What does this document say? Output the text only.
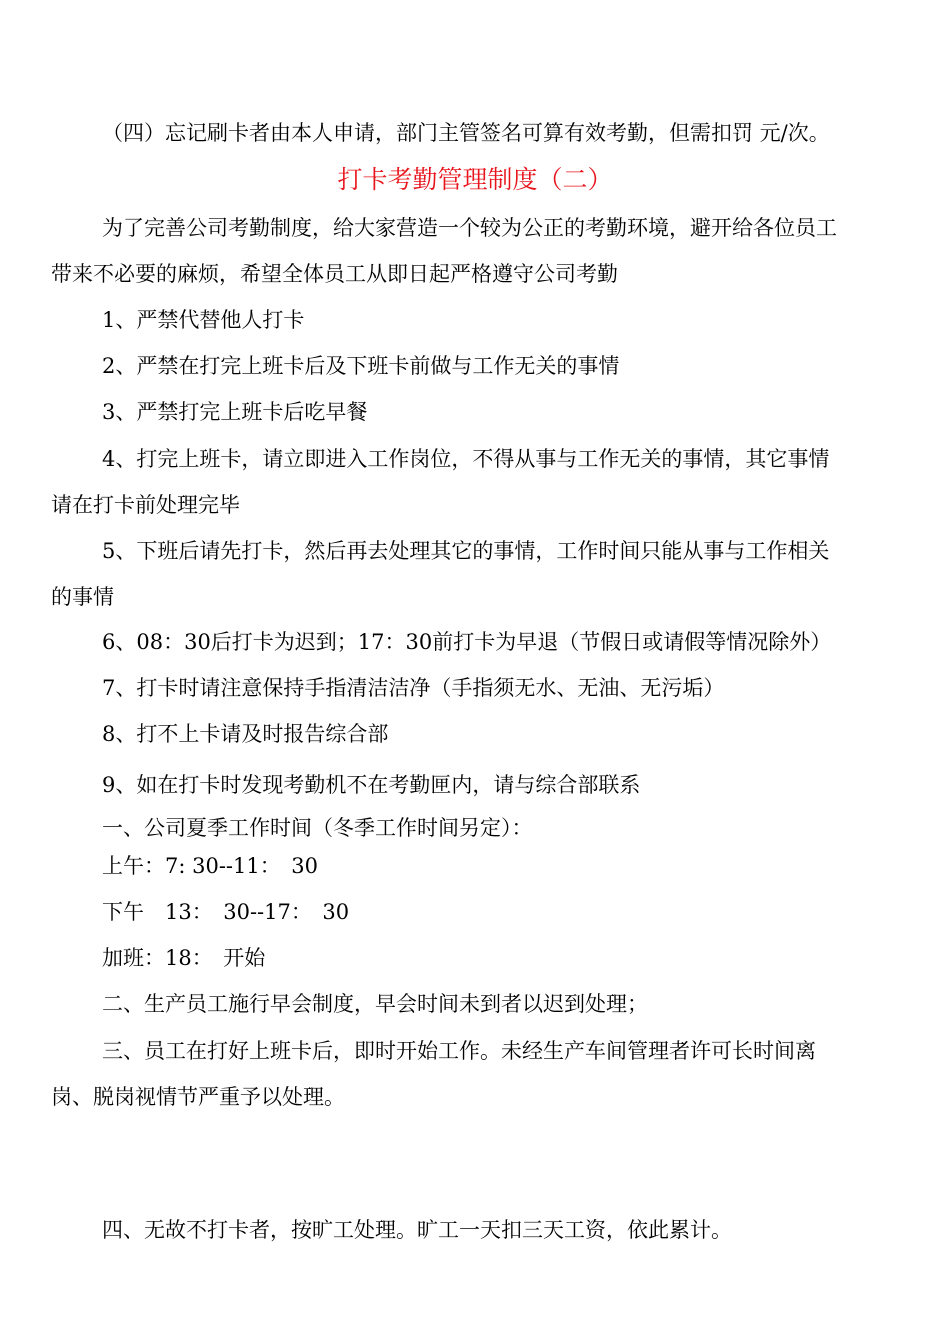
（四）忘记刷卡者由本人申请，部门主管签名可算有效考勤，但需扣罚 元/次。
打卡考勤管理制度（二）
为了完善公司考勤制度，给大家营造一个较为公正的考勤环境，避开给各位员工
带来不必要的麻烦，希望全体员工从即日起严格遵守公司考勤
1、严禁代替他人打卡
2、严禁在打完上班卡后及下班卡前做与工作无关的事情
3、严禁打完上班卡后吃早餐
4、打完上班卡，请立即进入工作岗位，不得从事与工作无关的事情，其它事情
请在打卡前处理完毕
5、下班后请先打卡，然后再去处理其它的事情，工作时间只能从事与工作相关
的事情
6、08：30后打卡为迟到；17：30前打卡为早退（节假日或请假等情况除外）
7、打卡时请注意保持手指清洁洁净（手指须无水、无油、无污垢）
8、打不上卡请及时报告综合部
9、如在打卡时发现考勤机不在考勤匣内，请与综合部联系
一、公司夏季工作时间（冬季工作时间另定）：
上午：7: 30--11：　30
下午　13：　30--17：　30
加班：18：　开始
二、生产员工施行早会制度，早会时间未到者以迟到处理；
三、员工在打好上班卡后，即时开始工作。未经生产车间管理者许可长时间离
岗、脱岗视情节严重予以处理。
四、无故不打卡者，按旷工处理。旷工一天扣三天工资，依此累计。
